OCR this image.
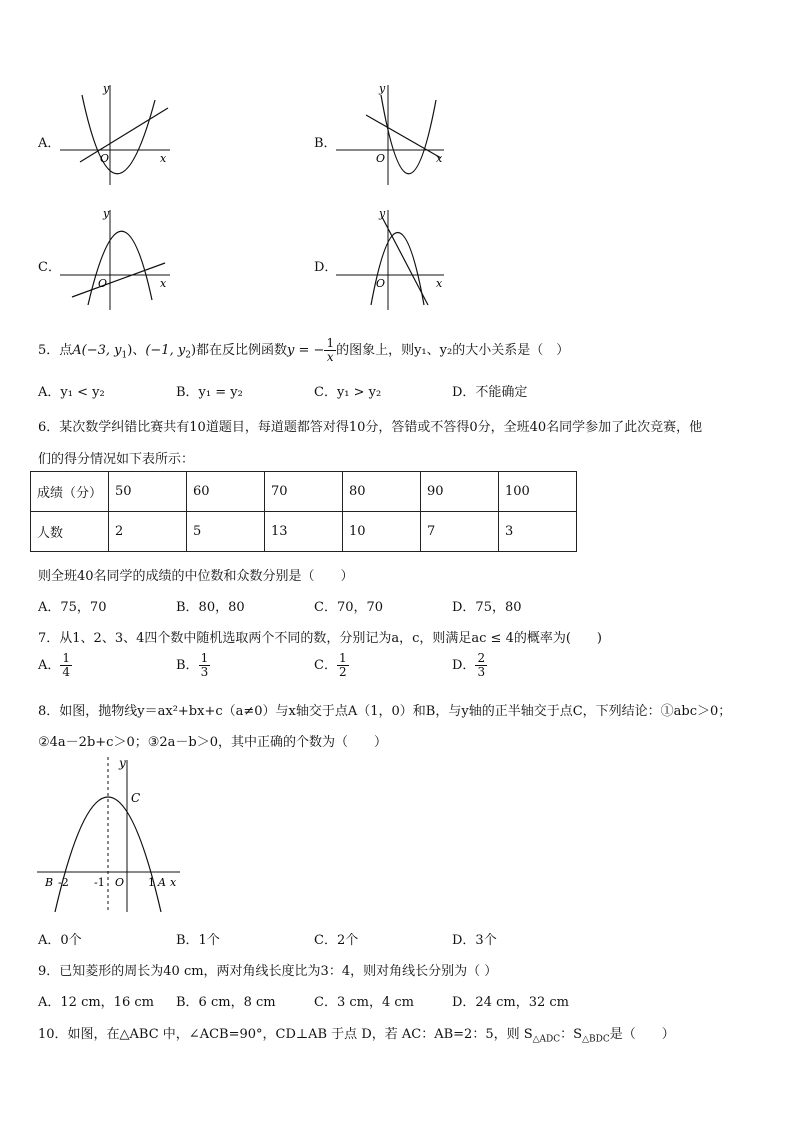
A．
y
x
O
B．
y
x
O
C．
y
x
O
D．
y
x
O
5．点A(−3, $y_1$)、(−1, $y_2$)都在反比例函数y = − $\frac{1}{x}$ 的图象上，则y₁、y₂的大小关系是（　）
A．y₁ < y₂	B．y₁ = y₂	C．y₁ > y₂	D．不能确定
6．某次数学纠错比赛共有10道题目，每道题都答对得10分，答错或不答得0分，全班40名同学参加了此次竞赛，他
们的得分情况如下表所示：
成绩（分）	50	60	70	80	90	100
人数	2	5	13	10	7	3
则全班40名同学的成绩的中位数和众数分别是（　　）
A．75，70	B．80，80	C．70，70	D．75，80
7．从1、2、3、4四个数中随机选取两个不同的数，分别记为a，c，则满足ac ≤ 4的概率为(　　)
A． $\frac{1}{4}$	B． $\frac{1}{3}$	C． $\frac{1}{2}$	D． $\frac{2}{3}$
8．如图，抛物线y＝ax²+bx+c（a≠0）与x轴交于点A（1，0）和B，与y轴的正半轴交于点C，下列结论：①abc＞0；
②4a－2b+c＞0；③2a－b＞0，其中正确的个数为（　　）
y
C
B -2 -1 O 1 A x
A．0个	B．1个	C．2个	D．3个
9．已知菱形的周长为40 cm，两对角线长度比为3：4，则对角线长分别为（ ）
A．12 cm，16 cm B．6 cm，8 cm	C．3 cm，4 cm	D．24 cm，32 cm
10．如图，在△ABC 中，∠ACB=90°，CD⊥AB 于点 D，若 AC：AB=2：5，则 $S_{\triangle ADC}$：$S_{\triangle BDC}$是（　　）
